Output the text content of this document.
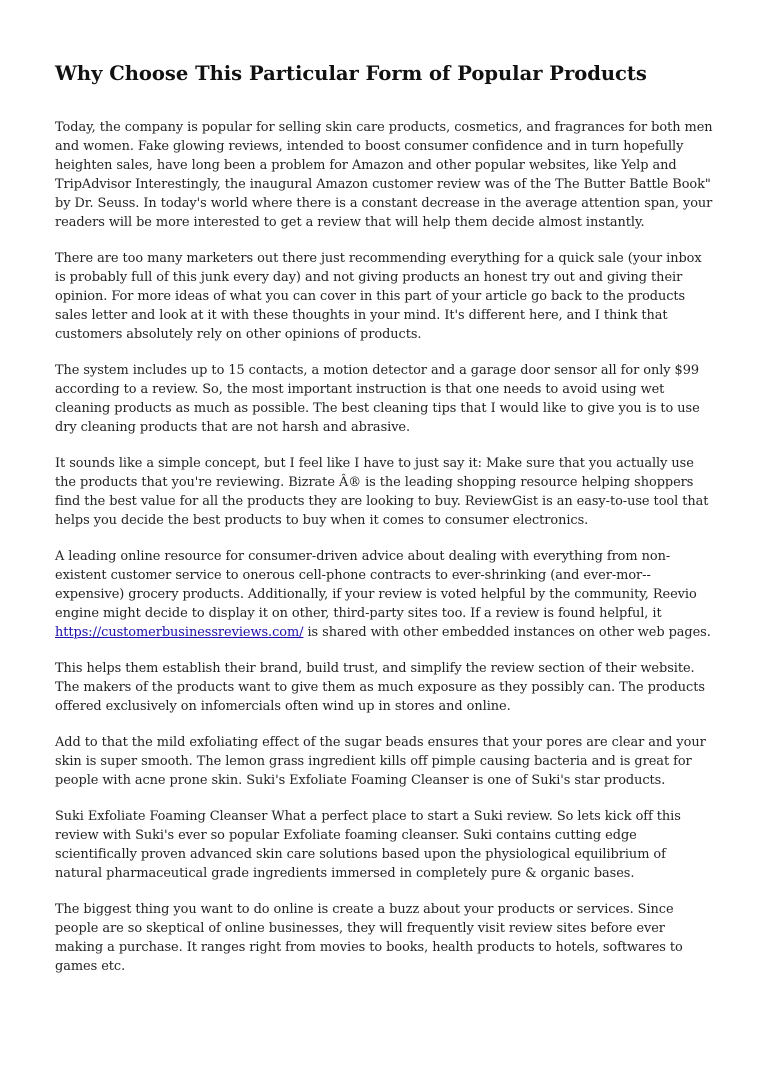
Why Choose This Particular Form of Popular Products

Today, the company is popular for selling skin care products, cosmetics, and fragrances for both men and women. Fake glowing reviews, intended to boost consumer confidence and in turn hopefully heighten sales, have long been a problem for Amazon and other popular websites, like Yelp and TripAdvisor Interestingly, the inaugural Amazon customer review was of the The Butter Battle Book" by Dr. Seuss. In today's world where there is a constant decrease in the average attention span, your readers will be more interested to get a review that will help them decide almost instantly.

There are too many marketers out there just recommending everything for a quick sale (your inbox is probably full of this junk every day) and not giving products an honest try out and giving their opinion. For more ideas of what you can cover in this part of your article go back to the products sales letter and look at it with these thoughts in your mind. It's different here, and I think that customers absolutely rely on other opinions of products.

The system includes up to 15 contacts, a motion detector and a garage door sensor all for only $99 according to a review. So, the most important instruction is that one needs to avoid using wet cleaning products as much as possible. The best cleaning tips that I would like to give you is to use dry cleaning products that are not harsh and abrasive.

It sounds like a simple concept, but I feel like I have to just say it: Make sure that you actually use the products that you're reviewing. Bizrate Â® is the leading shopping resource helping shoppers find the best value for all the products they are looking to buy. ReviewGist is an easy-to-use tool that helps you decide the best products to buy when it comes to consumer electronics.

A leading online resource for consumer-driven advice about dealing with everything from non-existent customer service to onerous cell-phone contracts to ever-shrinking (and ever-mor--expensive) grocery products. Additionally, if your review is voted helpful by the community, Reevio engine might decide to display it on other, third-party sites too. If a review is found helpful, it https://customerbusinessreviews.com/ is shared with other embedded instances on other web pages.

This helps them establish their brand, build trust, and simplify the review section of their website. The makers of the products want to give them as much exposure as they possibly can. The products offered exclusively on infomercials often wind up in stores and online.

Add to that the mild exfoliating effect of the sugar beads ensures that your pores are clear and your skin is super smooth. The lemon grass ingredient kills off pimple causing bacteria and is great for people with acne prone skin. Suki's Exfoliate Foaming Cleanser is one of Suki's star products.

Suki Exfoliate Foaming Cleanser What a perfect place to start a Suki review. So lets kick off this review with Suki's ever so popular Exfoliate foaming cleanser. Suki contains cutting edge scientifically proven advanced skin care solutions based upon the physiological equilibrium of natural pharmaceutical grade ingredients immersed in completely pure & organic bases.

The biggest thing you want to do online is create a buzz about your products or services. Since people are so skeptical of online businesses, they will frequently visit review sites before ever making a purchase. It ranges right from movies to books, health products to hotels, softwares to games etc.
